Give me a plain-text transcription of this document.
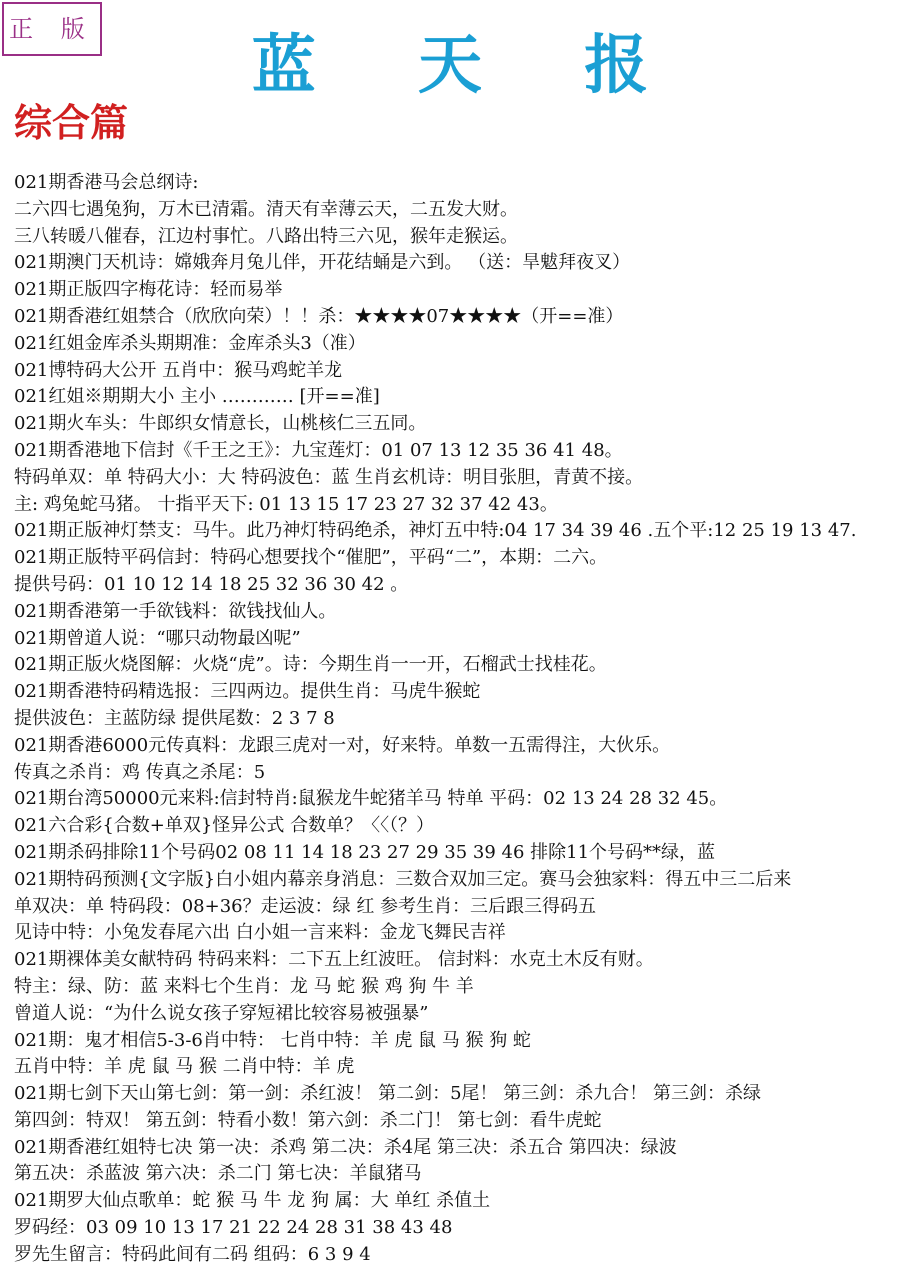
正 版	蓝 天 报
综合篇
021期香港马会总纲诗:
二六四七遇兔狗，万木已清霜。清天有幸薄云天，二五发大财。
三八转暖八催春，江边村事忙。八路出特三六见，猴年走猴运。
021期澳门天机诗：嫦娥奔月兔儿伴，开花结蛹是六到。 （送：旱魃拜夜叉）
021期正版四字梅花诗：轻而易举
021期香港红姐禁合（欣欣向荣）！！杀：★★★★07★★★★（开==准）
021红姐金库杀头期期准：金库杀头3（准）
021博特码大公开 五肖中：猴马鸡蛇羊龙
021红姐※期期大小 主小 ………… [开==准]
021期火车头：牛郎织女情意长，山桃核仁三五同。
021期香港地下信封《千王之王》：九宝莲灯：01 07 13 12 35 36 41 48。
特码单双：单 特码大小：大 特码波色：蓝 生肖玄机诗：明目张胆，青黄不接。
主: 鸡兔蛇马猪。 十指平天下: 01 13 15 17 23 27 32 37 42 43。
021期正版神灯禁支：马牛。此乃神灯特码绝杀，神灯五中特:04 17 34 39 46 .五个平:12 25 19 13 47.
021期正版特平码信封：特码心想要找个“催肥”，平码“二”，本期：二六。
提供号码：01 10 12 14 18 25 32 36 30 42 。
021期香港第一手欲钱料：欲钱找仙人。
021期曾道人说：“哪只动物最凶呢”
021期正版火烧图解：火烧“虎”。诗：今期生肖一一开，石榴武士找桂花。
021期香港特码精选报：三四两边。提供生肖：马虎牛猴蛇
提供波色：主蓝防绿 提供尾数：2 3 7 8
021期香港6000元传真料：龙跟三虎对一对，好来特。单数一五需得注，大伙乐。
传真之杀肖：鸡 传真之杀尾：5
021期台湾50000元来料:信封特肖:鼠猴龙牛蛇猪羊马 特单 平码：02 13 24 28 32 45。
021六合彩{合数+单双}怪异公式 合数单？〈〈（？）
021期杀码排除11个号码02 08 11 14 18 23 27 29 35 39 46 排除11个号码**绿，蓝
021期特码预测{文字版}白小姐内幕亲身消息：三数合双加三定。赛马会独家料：得五中三二后来
单双决：单 特码段：08+36？走运波：绿 红 参考生肖：三后跟三得码五
见诗中特：小兔发春尾六出 白小姐一言来料：金龙飞舞民吉祥
021期裸体美女献特码 特码来料：二下五上红波旺。 信封料：水克土木反有财。
特主：绿、防：蓝 来料七个生肖：龙 马 蛇 猴 鸡 狗 牛 羊
曾道人说：“为什么说女孩子穿短裙比较容易被强暴”
021期：鬼才相信5-3-6肖中特： 七肖中特：羊 虎 鼠 马 猴 狗 蛇
五肖中特：羊 虎 鼠 马 猴 二肖中特：羊 虎
021期七剑下天山第七剑：第一剑：杀红波！ 第二剑：5尾！ 第三剑：杀九合！ 第三剑：杀绿
第四剑：特双！ 第五剑：特看小数！第六剑：杀二门！ 第七剑：看牛虎蛇
021期香港红姐特七决 第一决：杀鸡 第二决：杀4尾 第三决：杀五合 第四决：绿波
第五决：杀蓝波 第六决：杀二门 第七决：羊鼠猪马
021期罗大仙点歌单：蛇 猴 马 牛 龙 狗 属：大 单红 杀值土
罗码经：03 09 10 13 17 21 22 24 28 31 38 43 48
罗先生留言：特码此间有二码 组码：6 3 9 4
